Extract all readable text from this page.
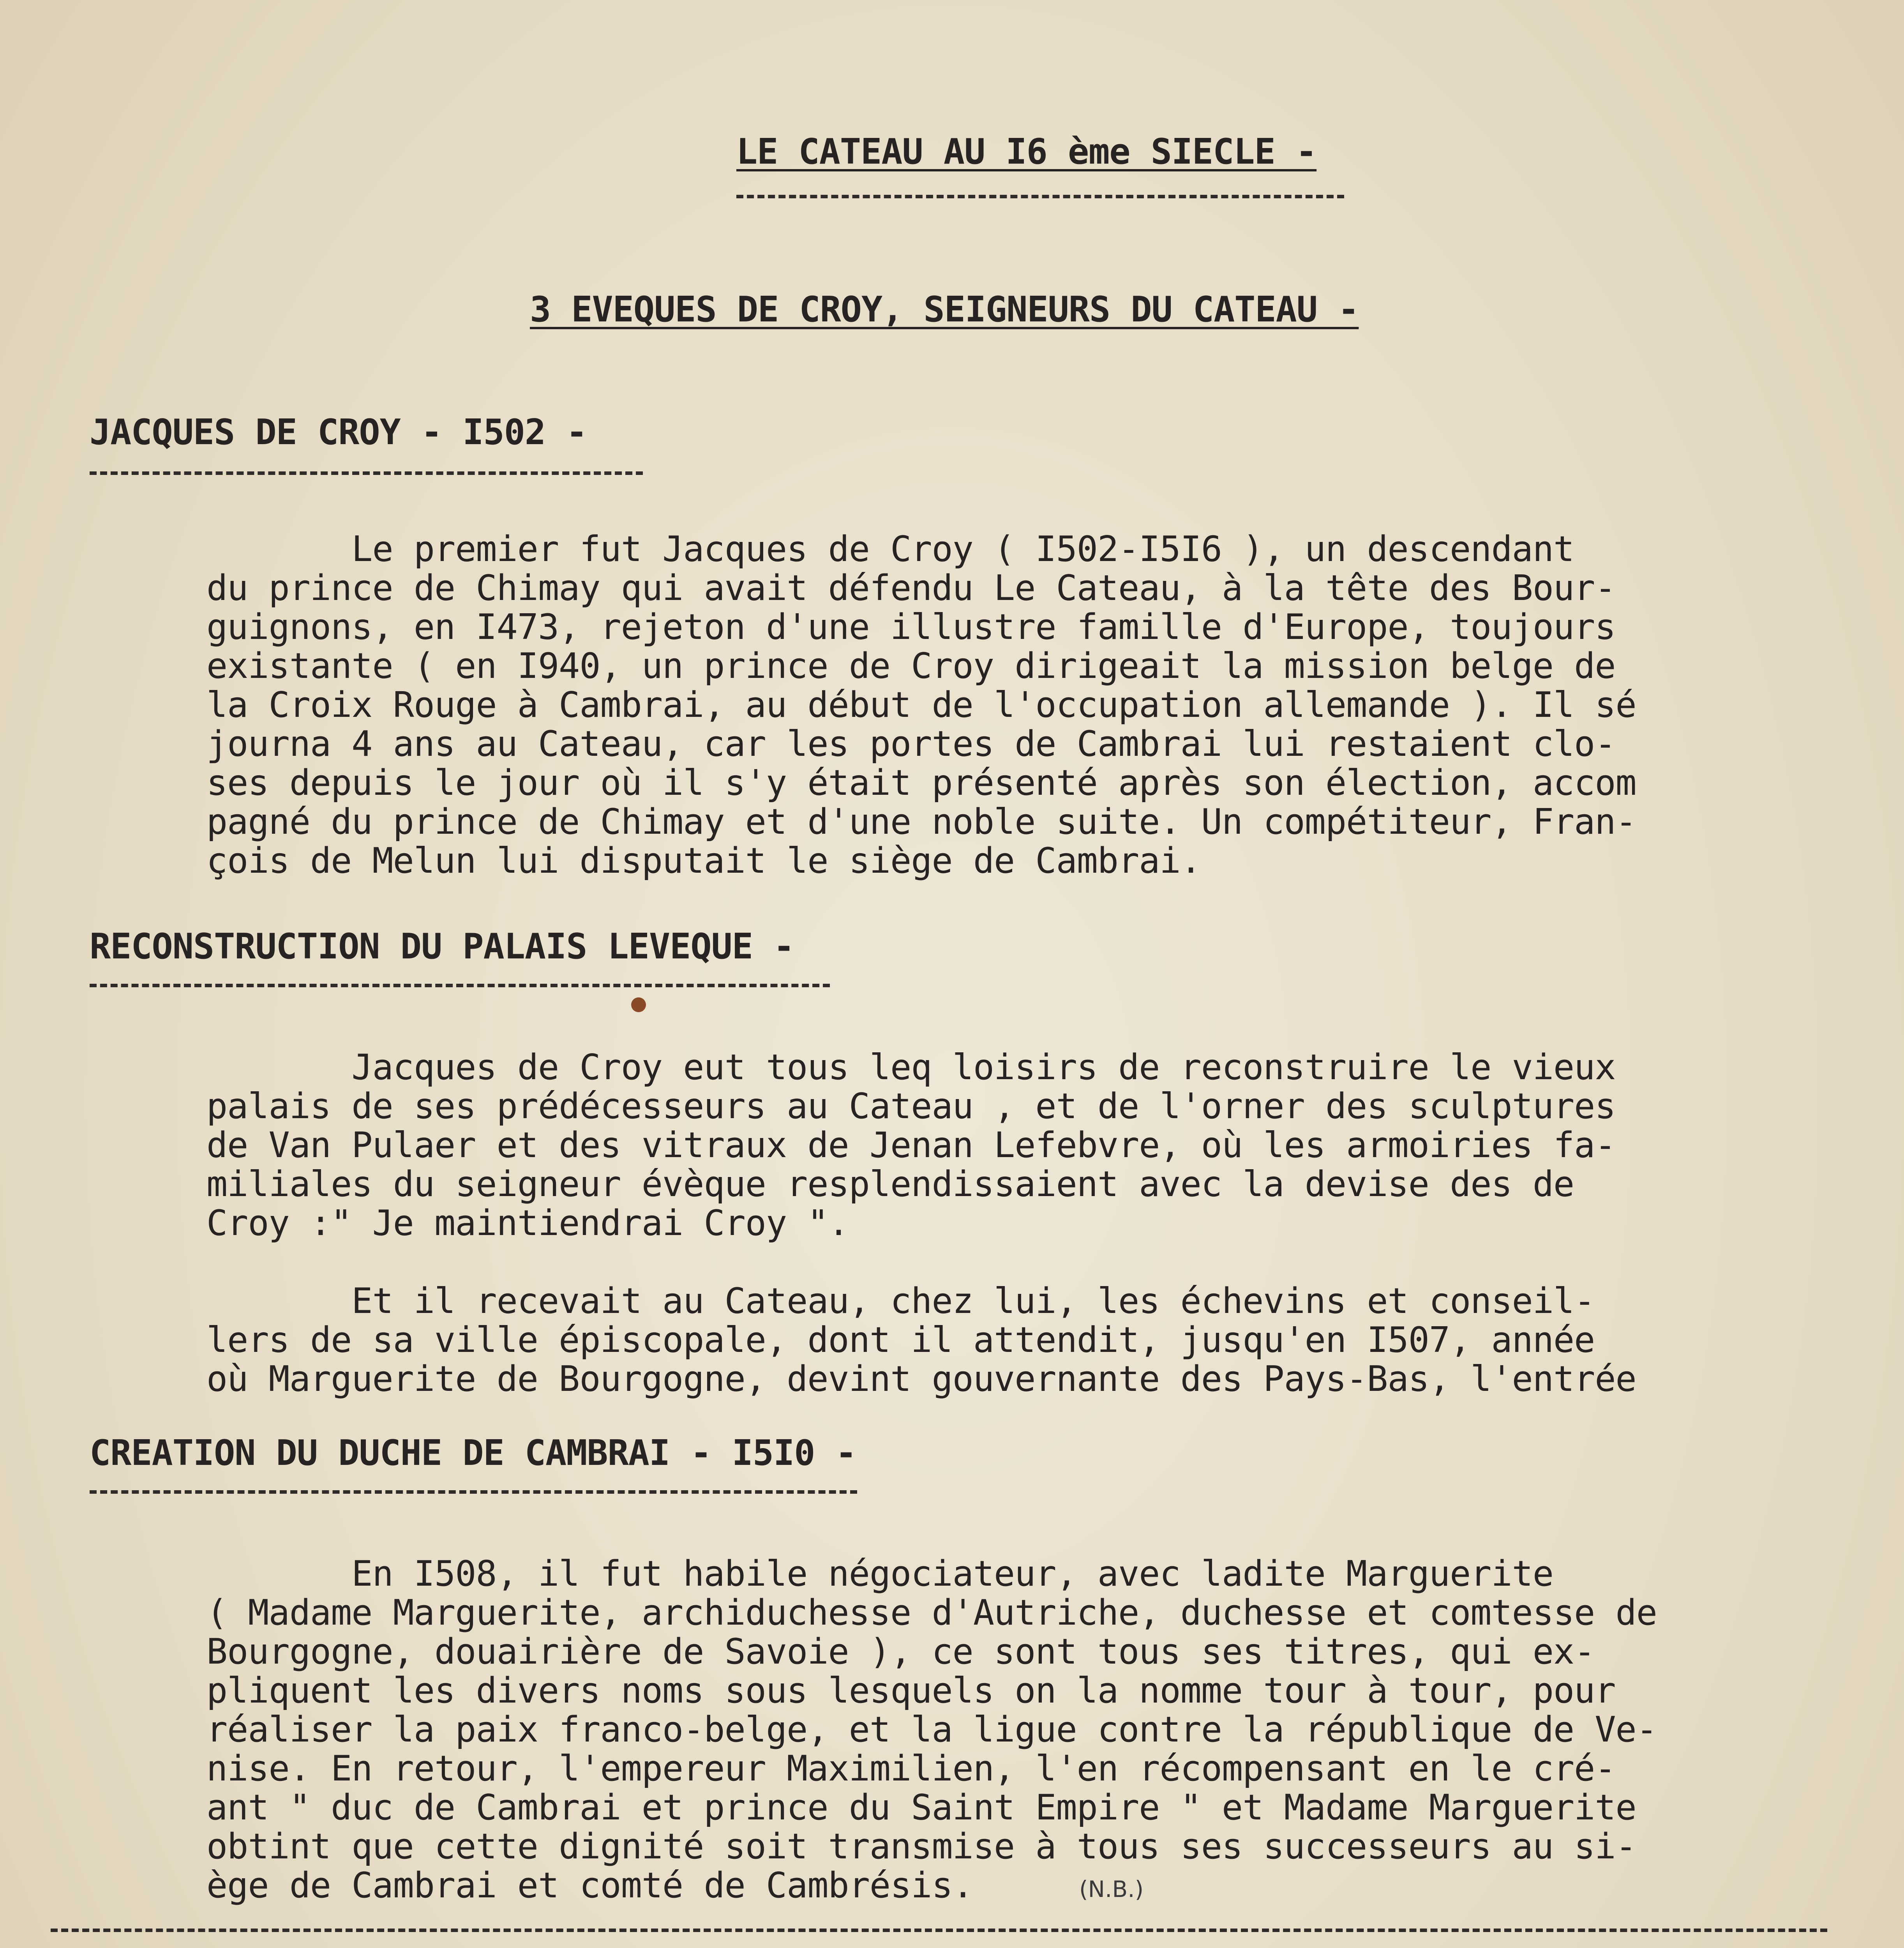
LE CATEAU AU I6 ème SIECLE -
3 EVEQUES DE CROY, SEIGNEURS DU CATEAU -
JACQUES DE CROY - I502 -
Le premier fut Jacques de Croy ( I502-I5I6 ), un descendant
du prince de Chimay qui avait défendu Le Cateau, à la tête des Bour-
guignons, en I473, rejeton d'une illustre famille d'Europe, toujours
existante ( en I940, un prince de Croy dirigeait la mission belge de
la Croix Rouge à Cambrai, au début de l'occupation allemande ). Il sé
journa 4 ans au Cateau, car les portes de Cambrai lui restaient clo-
ses depuis le jour où il s'y était présenté après son élection, accom
pagné du prince de Chimay et d'une noble suite. Un compétiteur, Fran-
çois de Melun lui disputait le siège de Cambrai.
RECONSTRUCTION DU PALAIS LEVEQUE -
Jacques de Croy eut tous leq loisirs de reconstruire le vieux
palais de ses prédécesseurs au Cateau , et de l'orner des sculptures
de Van Pulaer et des vitraux de Jenan Lefebvre, où les armoiries fa-
miliales du seigneur évèque resplendissaient avec la devise des de
Croy :" Je maintiendrai Croy ".
Et il recevait au Cateau, chez lui, les échevins et conseil-
lers de sa ville épiscopale, dont il attendit, jusqu'en I507, année
où Marguerite de Bourgogne, devint gouvernante des Pays-Bas, l'entrée
CREATION DU DUCHE DE CAMBRAI - I5I0 -
En I508, il fut habile négociateur, avec ladite Marguerite
( Madame Marguerite, archiduchesse d'Autriche, duchesse et comtesse de
Bourgogne, douairière de Savoie ), ce sont tous ses titres, qui ex-
pliquent les divers noms sous lesquels on la nomme tour à tour, pour
réaliser la paix franco-belge, et la ligue contre la république de Ve-
nise. En retour, l'empereur Maximilien, l'en récompensant en le cré-
ant " duc de Cambrai et prince du Saint Empire " et Madame Marguerite
obtint que cette dignité soit transmise à tous ses successeurs au si-
ège de Cambrai et comté de Cambrésis.	(N.B.)
